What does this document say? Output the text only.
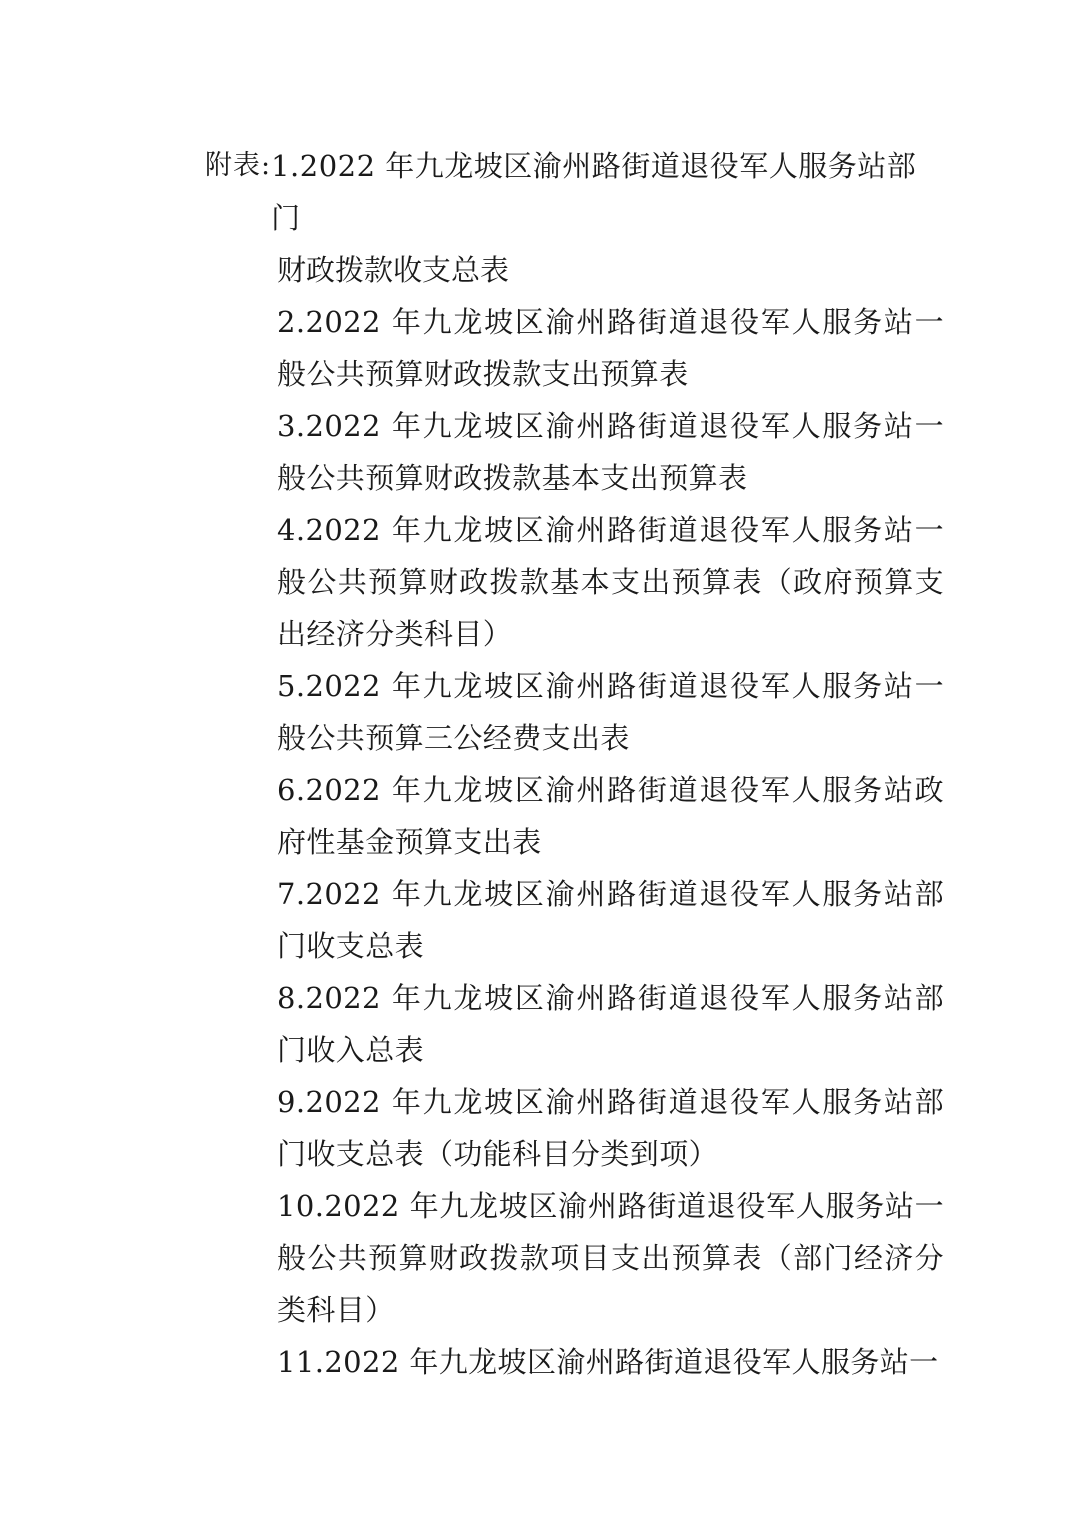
附表: 1.2022 年九龙坡区渝州路街道退役军人服务站部门
财政拨款收支总表
2.2022 年九龙坡区渝州路街道退役军人服务站一般公共预算财政拨款支出预算表
3.2022 年九龙坡区渝州路街道退役军人服务站一般公共预算财政拨款基本支出预算表
4.2022 年九龙坡区渝州路街道退役军人服务站一般公共预算财政拨款基本支出预算表（政府预算支出经济分类科目）
5.2022 年九龙坡区渝州路街道退役军人服务站一般公共预算三公经费支出表
6.2022 年九龙坡区渝州路街道退役军人服务站政府性基金预算支出表
7.2022 年九龙坡区渝州路街道退役军人服务站部门收支总表
8.2022 年九龙坡区渝州路街道退役军人服务站部门收入总表
9.2022 年九龙坡区渝州路街道退役军人服务站部门收支总表（功能科目分类到项）
10.2022 年九龙坡区渝州路街道退役军人服务站一般公共预算财政拨款项目支出预算表（部门经济分类科目）
11.2022 年九龙坡区渝州路街道退役军人服务站一
